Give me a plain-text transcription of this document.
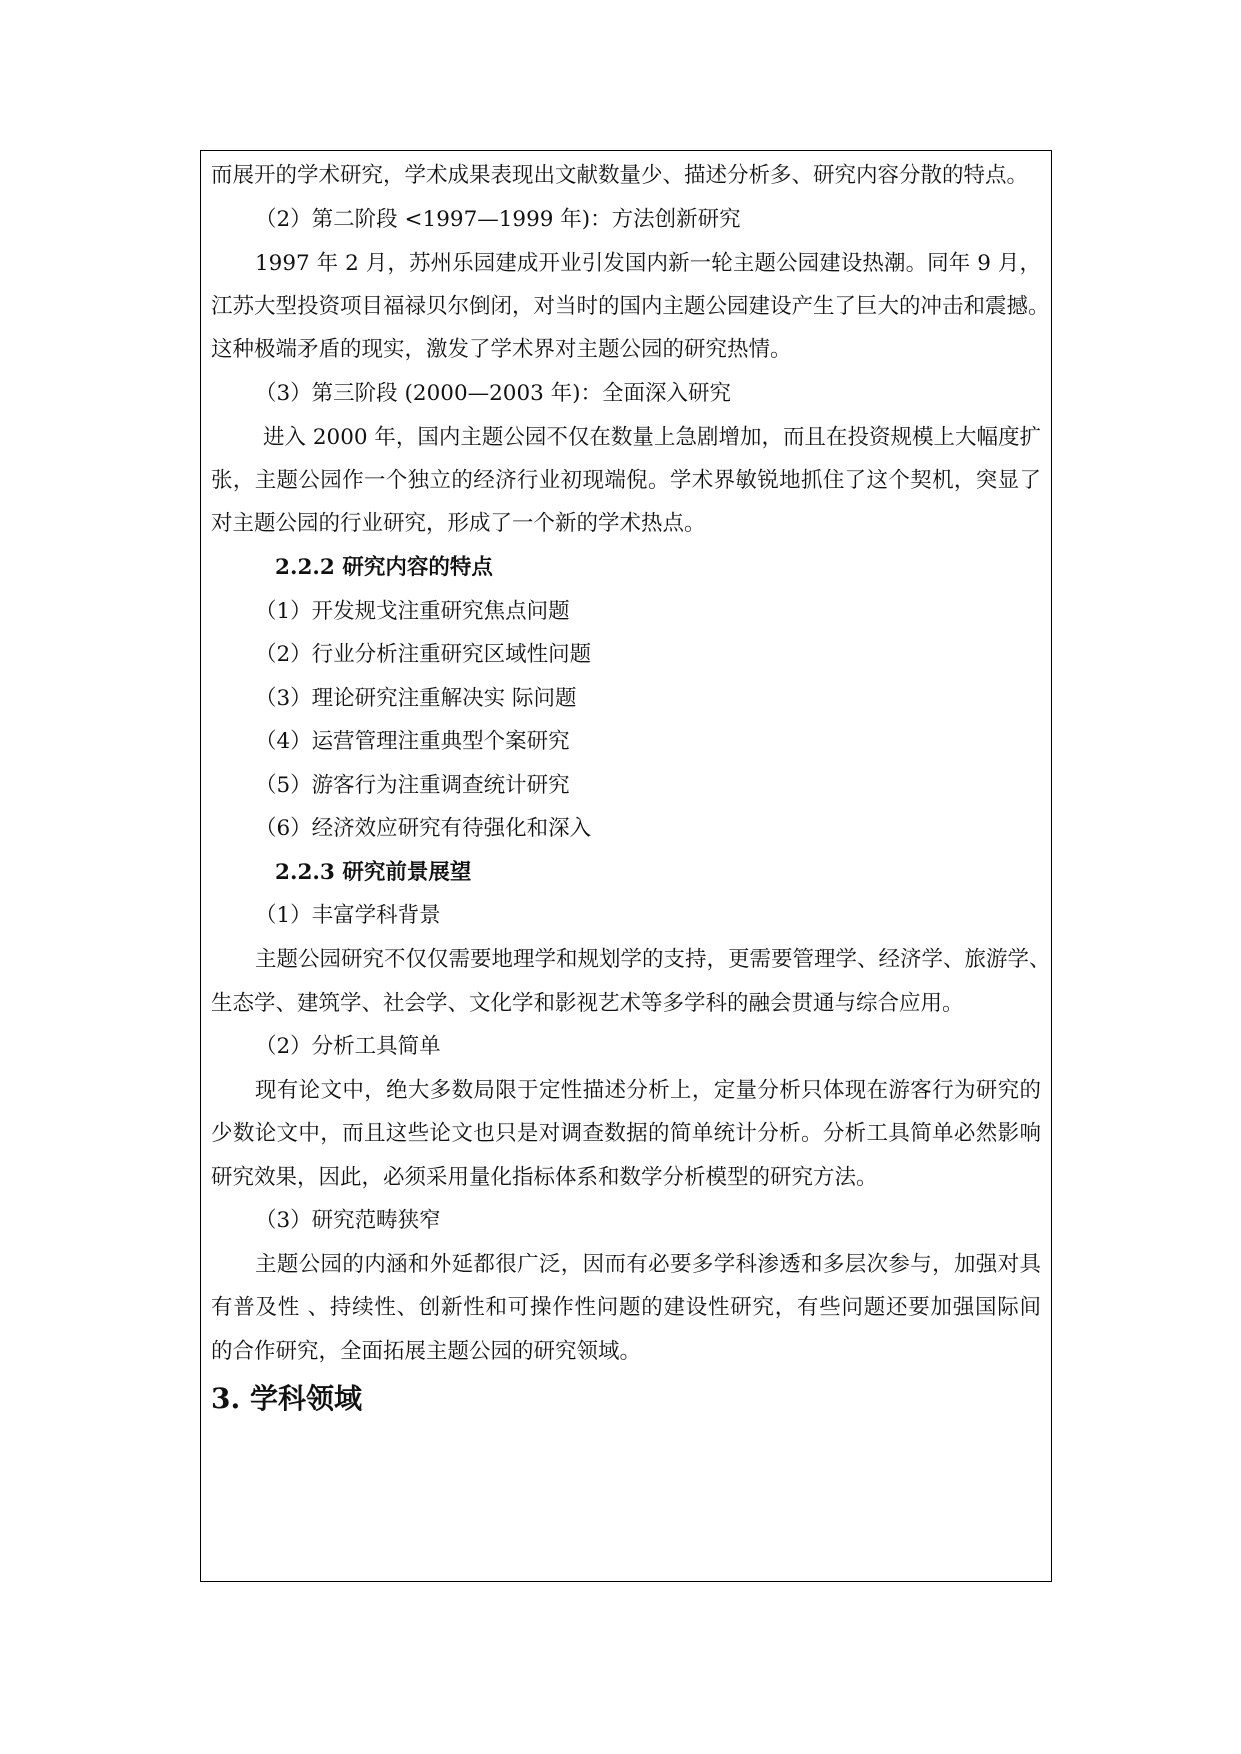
而展开的学术研究，学术成果表现出文献数量少、描述分析多、研究内容分散的特点。
（2）第二阶段 <1997—1999 年)：方法创新研究
1997 年 2 月，苏州乐园建成开业引发国内新一轮主题公园建设热潮。同年 9 月，
江苏大型投资项目福禄贝尔倒闭，对当时的国内主题公园建设产生了巨大的冲击和震撼。
这种极端矛盾的现实，激发了学术界对主题公园的研究热情。
（3）第三阶段 (2000—2003 年)：全面深入研究
进入 2000 年，国内主题公园不仅在数量上急剧增加，而且在投资规模上大幅度扩
张，主题公园作一个独立的经济行业初现端倪。学术界敏锐地抓住了这个契机，突显了
对主题公园的行业研究，形成了一个新的学术热点。
2.2.2 研究内容的特点
（1）开发规戈注重研究焦点问题
（2）行业分析注重研究区域性问题
（3）理论研究注重解决实 际问题
（4）运营管理注重典型个案研究
（5）游客行为注重调查统计研究
（6）经济效应研究有待强化和深入
2.2.3 研究前景展望
（1）丰富学科背景
主题公园研究不仅仅需要地理学和规划学的支持，更需要管理学、经济学、旅游学、
生态学、建筑学、社会学、文化学和影视艺术等多学科的融会贯通与综合应用。
（2）分析工具简单
现有论文中，绝大多数局限于定性描述分析上，定量分析只体现在游客行为研究的
少数论文中，而且这些论文也只是对调查数据的简单统计分析。分析工具简单必然影响
研究效果，因此，必须采用量化指标体系和数学分析模型的研究方法。
（3）研究范畴狭窄
主题公园的内涵和外延都很广泛，因而有必要多学科渗透和多层次参与，加强对具
有普及性 、持续性、创新性和可操作性问题的建设性研究，有些问题还要加强国际间
的合作研究，全面拓展主题公园的研究领域。
3. 学科领域
